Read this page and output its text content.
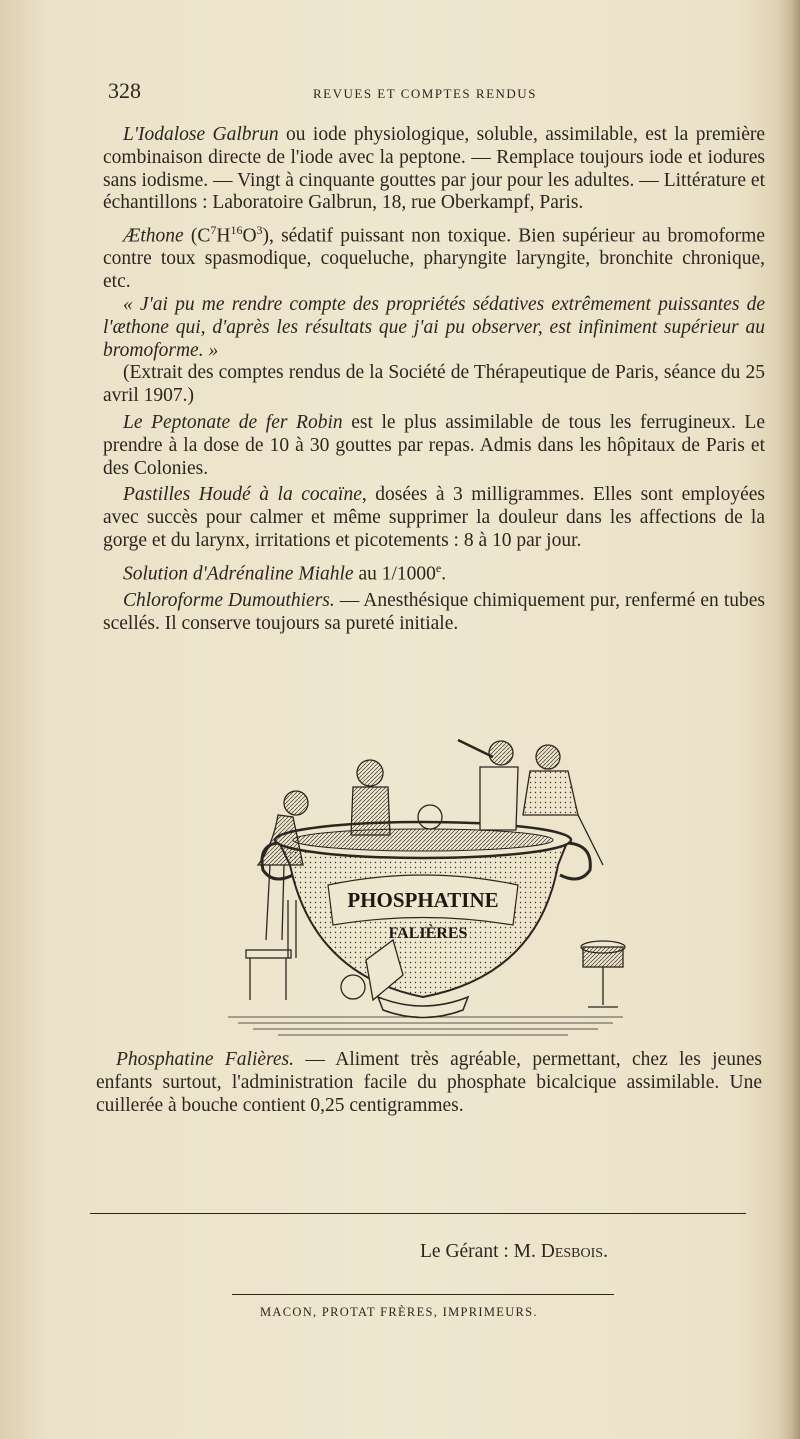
328	REVUES ET COMPTES RENDUS

L'Iodalose Galbrun ou iode physiologique, soluble, assimilable, est la première combinaison directe de l'iode avec la peptone. — Remplace toujours iode et iodures sans iodisme. — Vingt à cinquante gouttes par jour pour les adultes. — Littérature et échantillons : Laboratoire Galbrun, 18, rue Oberkampf, Paris.

Æthone $(C^7H^{16}O^3)$, sédatif puissant non toxique. Bien supérieur au bromoforme contre toux spasmodique, coqueluche, pharyngite laryngite, bronchite chronique, etc.

« J'ai pu me rendre compte des propriétés sédatives extrêmement puissantes de l'æthone qui, d'après les résultats que j'ai pu observer, est infiniment supérieur au bromoforme. »

(Extrait des comptes rendus de la Société de Thérapeutique de Paris, séance du 25 avril 1907.)

Le Peptonate de fer Robin est le plus assimilable de tous les ferrugineux. Le prendre à la dose de 10 à 30 gouttes par repas. Admis dans les hôpitaux de Paris et des Colonies.

Pastilles Houdé à la cocaïne, dosées à 3 milligrammes. Elles sont employées avec succès pour calmer et même supprimer la douleur dans les affections de la gorge et du larynx, irritations et picotements : 8 à 10 par jour.

Solution d'Adrénaline Miahle au 1/1000e.

Chloroforme Dumouthiers. — Anesthésique chimiquement pur, renfermé en tubes scellés. Il conserve toujours sa pureté initiale.

PHOSPHATINE
FALIÈRES

Phosphatine Falières. — Aliment très agréable, permettant, chez les jeunes enfants surtout, l'administration facile du phosphate bicalcique assimilable. Une cuillerée à bouche contient 0,25 centigrammes.

Le Gérant : M. Desbois.
MACON, PROTAT FRÈRES, IMPRIMEURS.
